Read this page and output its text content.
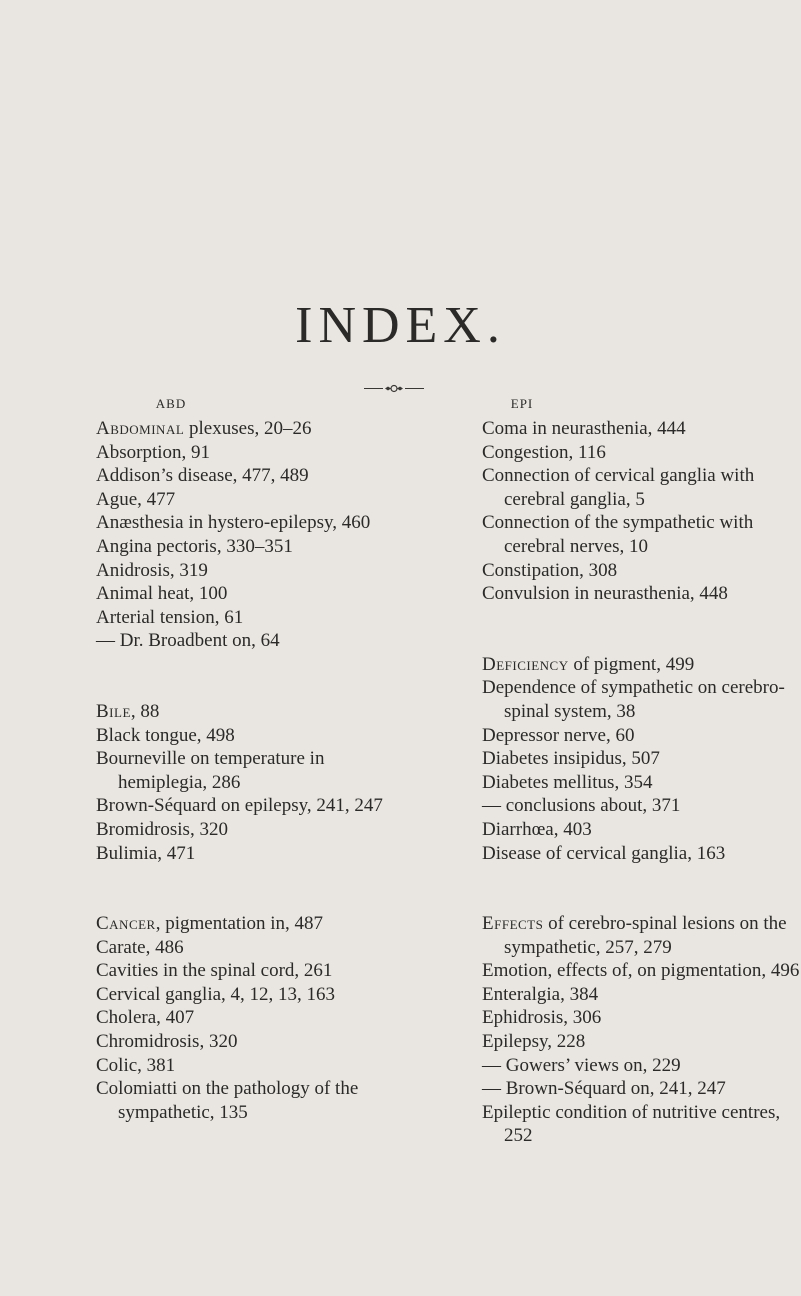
INDEX.
ABD

Abdominal plexuses, 20–26

Absorption, 91

Addison’s disease, 477, 489

Ague, 477

Anæsthesia in hystero-epilepsy, 460

Angina pectoris, 330–351

Anidrosis, 319

Animal heat, 100

Arterial tension, 61

— Dr. Broadbent on, 64

Bile, 88

Black tongue, 498

Bourneville on temperature in hemiplegia, 286

Brown-Séquard on epilepsy, 241, 247

Bromidrosis, 320

Bulimia, 471

Cancer, pigmentation in, 487

Carate, 486

Cavities in the spinal cord, 261

Cervical ganglia, 4, 12, 13, 163

Cholera, 407

Chromidrosis, 320

Colic, 381

Colomiatti on the pathology of the sympathetic, 135

EPI

Coma in neurasthenia, 444

Congestion, 116

Connection of cervical ganglia with cerebral ganglia, 5

Connection of the sympathetic with cerebral nerves, 10

Constipation, 308

Convulsion in neurasthenia, 448

Deficiency of pigment, 499

Dependence of sympathetic on cerebro-spinal system, 38

Depressor nerve, 60

Diabetes insipidus, 507

Diabetes mellitus, 354

— conclusions about, 371

Diarrhœa, 403

Disease of cervical ganglia, 163

Effects of cerebro-spinal lesions on the sympathetic, 257, 279

Emotion, effects of, on pigmentation, 496

Enteralgia, 384

Ephidrosis, 306

Epilepsy, 228

— Gowers’ views on, 229

— Brown-Séquard on, 241, 247

Epileptic condition of nutritive centres, 252
